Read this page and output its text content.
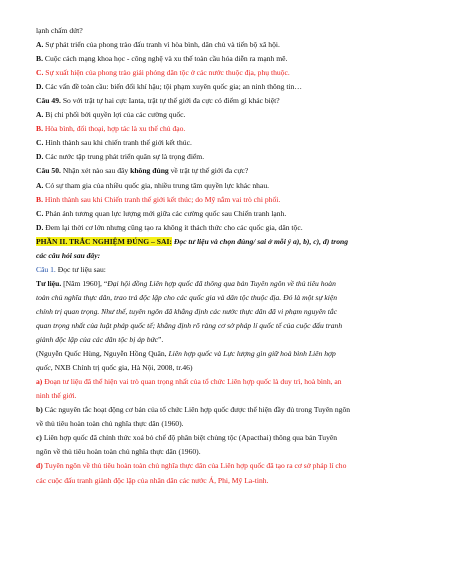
lạnh chấm dứt?

A. Sự phát triển của phong trào đấu tranh vì hòa bình, dân chủ và tiến bộ xã hội.

B. Cuộc cách mạng khoa học - công nghệ và xu thế toàn cầu hóa diễn ra mạnh mẽ.

C. Sự xuất hiện của phong trào giải phóng dân tộc ở các nước thuộc địa, phụ thuộc.

D. Các vấn đề toàn cầu: biến đổi khí hậu; tội phạm xuyên quốc gia; an ninh thông tin…

Câu 49. So với trật tự hai cực Ianta, trật tự thế giới đa cực có điểm gì khác biệt?

A. Bị chi phối bởi quyền lợi của các cường quốc.

B. Hòa bình, đối thoại, hợp tác là xu thế chủ đạo.

C. Hình thành sau khi chiến tranh thế giới kết thúc.

D. Các nước tập trung phát triển quân sự là trọng điểm.

Câu 50. Nhận xét nào sau đây không đúng về trật tự thế giới đa cực?

A. Có sự tham gia của nhiều quốc gia, nhiều trung tâm quyền lực khác nhau.

B. Hình thành sau khi Chiến tranh thế giới kết thúc; do Mỹ nắm vai trò chi phối.

C. Phản ánh tương quan lực lượng mới giữa các cường quốc sau Chiến tranh lạnh.

D. Đem lại thời cơ lớn nhưng cũng tạo ra không ít thách thức cho các quốc gia, dân tộc.

PHẦN II. TRẮC NGHIỆM ĐÚNG – SAI: Đọc tư liệu và chọn đúng/ sai ở mỗi ý a), b), c), d) trong

các câu hỏi sau đây:

Câu 1. Đọc tư liệu sau:

Tư liệu. [Năm 1960], “Đại hội đồng Liên hợp quốc đã thông qua bản Tuyên ngôn về thủ tiêu hoàn

toàn chủ nghĩa thực dân, trao trả độc lập cho các quốc gia và dân tộc thuộc địa. Đó là một sự kiện

chính trị quan trọng. Như thế, tuyên ngôn đã khẳng định các nước thực dân đã vi phạm nguyên tắc

quan trọng nhất của luật pháp quốc tế; khẳng định rõ ràng cơ sở pháp lí quốc tế của cuộc đấu tranh

giành độc lập của các dân tộc bị áp bức”.

(Nguyễn Quốc Hùng, Nguyễn Hồng Quân, Liên hợp quốc và Lực lượng gìn giữ hoà bình Liên hợp

quốc, NXB Chính trị quốc gia, Hà Nội, 2008, tr.46)

a) Đoạn tư liệu đã thể hiện vai trò quan trọng nhất của tổ chức Liên hợp quốc là duy trì, hoà bình, an

ninh thế giới.

b) Các nguyên tắc hoạt động cơ bản của tổ chức Liên hợp quốc được thể hiện đầy đủ trong Tuyên ngôn

về thủ tiêu hoàn toàn chủ nghĩa thực dân (1960).

c) Liên hợp quốc đã chính thức xoá bỏ chế độ phân biệt chủng tộc (Apacthai) thông qua bản Tuyên

ngôn về thủ tiêu hoàn toàn chủ nghĩa thực dân (1960).

d) Tuyên ngôn về thủ tiêu hoàn toàn chủ nghĩa thực dân của Liên hợp quốc đã tạo ra cơ sở pháp lí cho

các cuộc đấu tranh giành độc lập của nhân dân các nước Á, Phi, Mỹ La-tinh.
